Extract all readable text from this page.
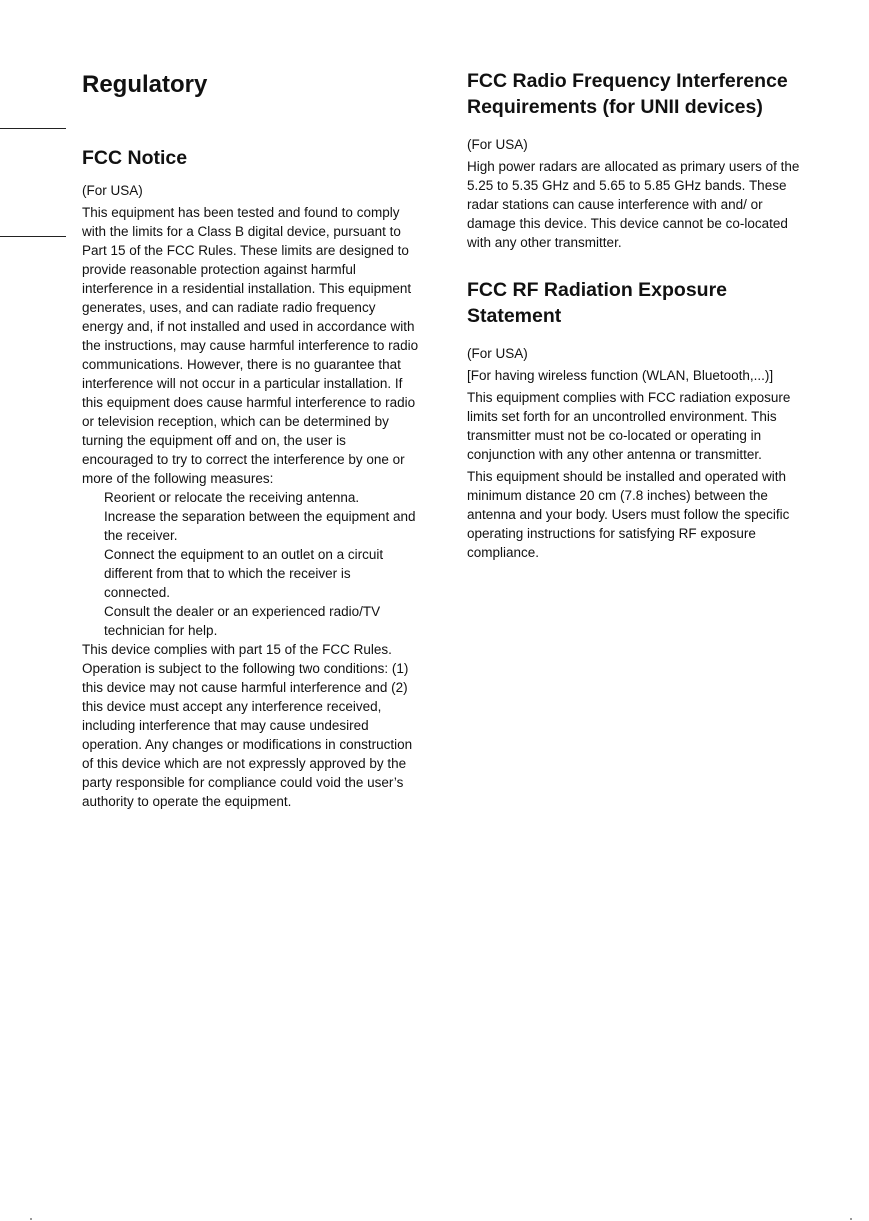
Regulatory
FCC Notice

(For USA)

This equipment has been tested and found to comply with the limits for a Class B digital device, pursuant to Part 15 of the FCC Rules. These limits are designed to provide reasonable protection against harmful interference in a residential installation. This equipment generates, uses, and can radiate radio frequency energy and, if not installed and used in accordance with the instructions, may cause harmful interference to radio communications. However, there is no guarantee that interference will not occur in a particular installation. If this equipment does cause harmful interference to radio or television reception, which can be determined by turning the equipment off and on, the user is encouraged to try to correct the interference by one or more of the following measures:

Reorient or relocate the receiving antenna.
Increase the separation between the equipment and the receiver.
Connect the equipment to an outlet on a circuit different from that to which the receiver is connected.
Consult the dealer or an experienced radio/TV technician for help.

This device complies with part 15 of the FCC Rules. Operation is subject to the following two conditions: (1) this device may not cause harmful interference and (2) this device must accept any interference received, including interference that may cause undesired operation. Any changes or modifications in construction of this device which are not expressly approved by the party responsible for compliance could void the user’s authority to operate the equipment.

FCC Radio Frequency Interference Requirements (for UNII devices)

(For USA)

High power radars are allocated as primary users of the 5.25 to 5.35 GHz and 5.65 to 5.85 GHz bands. These radar stations can cause interference with and/ or damage this device. This device cannot be co-located with any other transmitter.

FCC RF Radiation Exposure Statement

(For USA)

[For having wireless function (WLAN, Bluetooth,...)]

This equipment complies with FCC radiation exposure limits set forth for an uncontrolled environment. This transmitter must not be co-located or operating in conjunction with any other antenna or transmitter.

This equipment should be installed and operated with minimum distance 20 cm (7.8 inches) between the antenna and your body. Users must follow the specific operating instructions for satisfying RF exposure compliance.
